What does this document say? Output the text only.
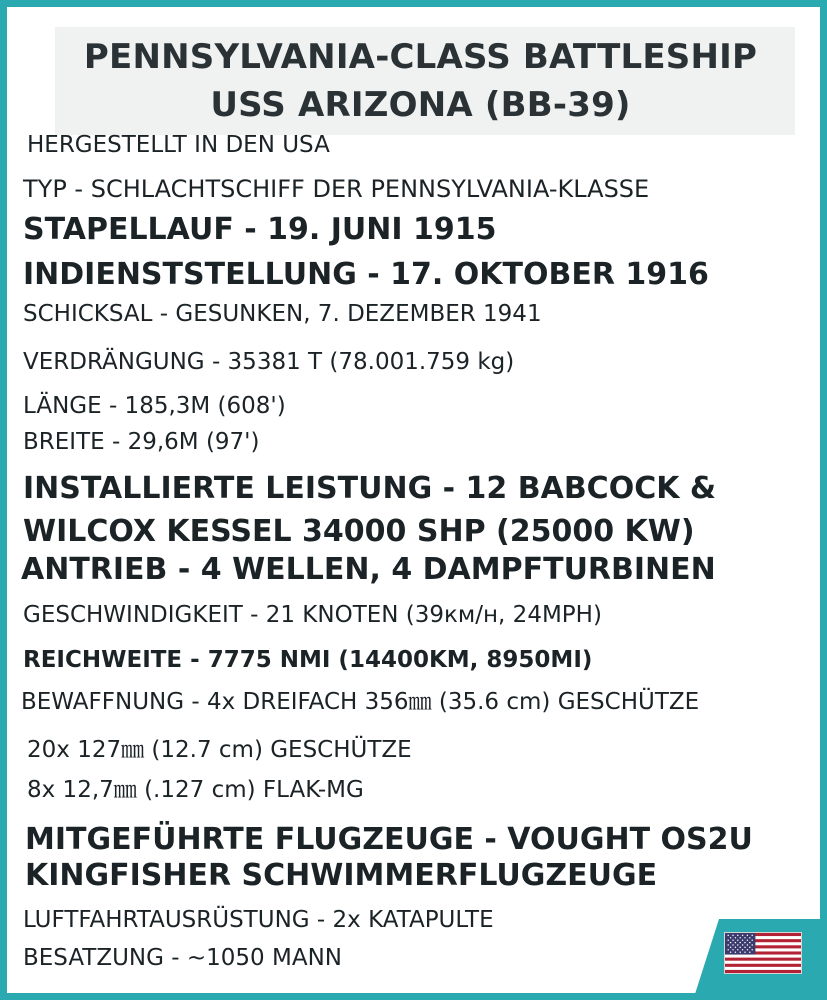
PENNSYLVANIA-CLASS BATTLESHIP
USS ARIZONA (BB-39)
HERGESTELLT IN DEN USA
TYP - SCHLACHTSCHIFF DER PENNSYLVANIA-KLASSE
STAPELLAUF - 19. JUNI 1915
INDIENSTSTELLUNG - 17. OKTOBER 1916
SCHICKSAL - GESUNKEN, 7. DEZEMBER 1941
VERDRÄNGUNG - 35381 T (78.001.759 kg)
LÄNGE - 185,3M (608')
BREITE - 29,6M (97')
INSTALLIERTE LEISTUNG - 12 BABCOCK &
WILCOX KESSEL 34000 SHP (25000 KW)
ANTRIEB - 4 WELLEN, 4 DAMPFTURBINEN
GESCHWINDIGKEIT - 21 KNOTEN (39км/н, 24MPH)
REICHWEITE - 7775 NMI (14400KM, 8950MI)
BEWAFFNUNG - 4x DREIFACH 356㎜ (35.6 cm) GESCHÜTZE
20x 127㎜ (12.7 cm) GESCHÜTZE
8x 12,7㎜ (.127 cm) FLAK-MG
MITGEFÜHRTE FLUGZEUGE - VOUGHT OS2U
KINGFISHER SCHWIMMERFLUGZEUGE
LUFTFAHRTAUSRÜSTUNG - 2x KATAPULTE
BESATZUNG - ~1050 MANN
